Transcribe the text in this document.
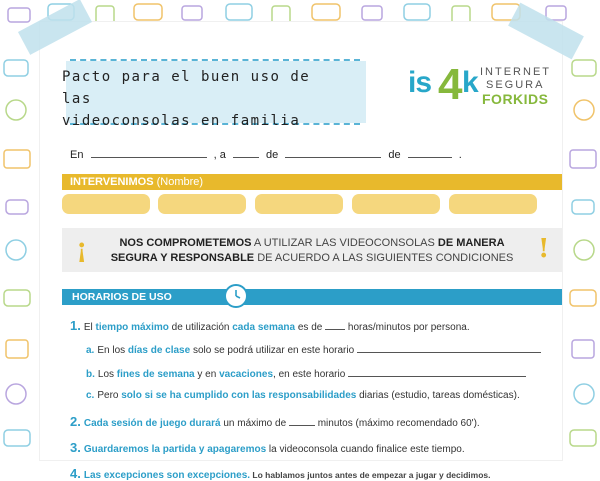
Pacto para el buen uso de las
videoconsolas en familia
is 4 k INTERNET
SEGURA
FORKIDS
En	, a	de	de	.
INTERVENIMOS (Nombre)
¡	NOS COMPROMETEMOS A UTILIZAR LAS VIDEOCONSOLAS DE MANERA SEGURA Y RESPONSABLE DE ACUERDO A LAS SIGUIENTES CONDICIONES !
HORARIOS DE USO
1. El tiempo máximo de utilización cada semana es de  horas/minutos por persona.
a. En los días de clase solo se podrá utilizar en este horario
b. Los fines de semana y en vacaciones, en este horario
c. Pero solo si se ha cumplido con las responsabilidades diarias (estudio, tareas domésticas).
2. Cada sesión de juego durará un máximo de	minutos (máximo recomendado 60').
3. Guardaremos la partida y apagaremos la videoconsola cuando finalice este tiempo.
4. Las excepciones son excepciones. Lo hablamos juntos antes de empezar a jugar y decidimos.
